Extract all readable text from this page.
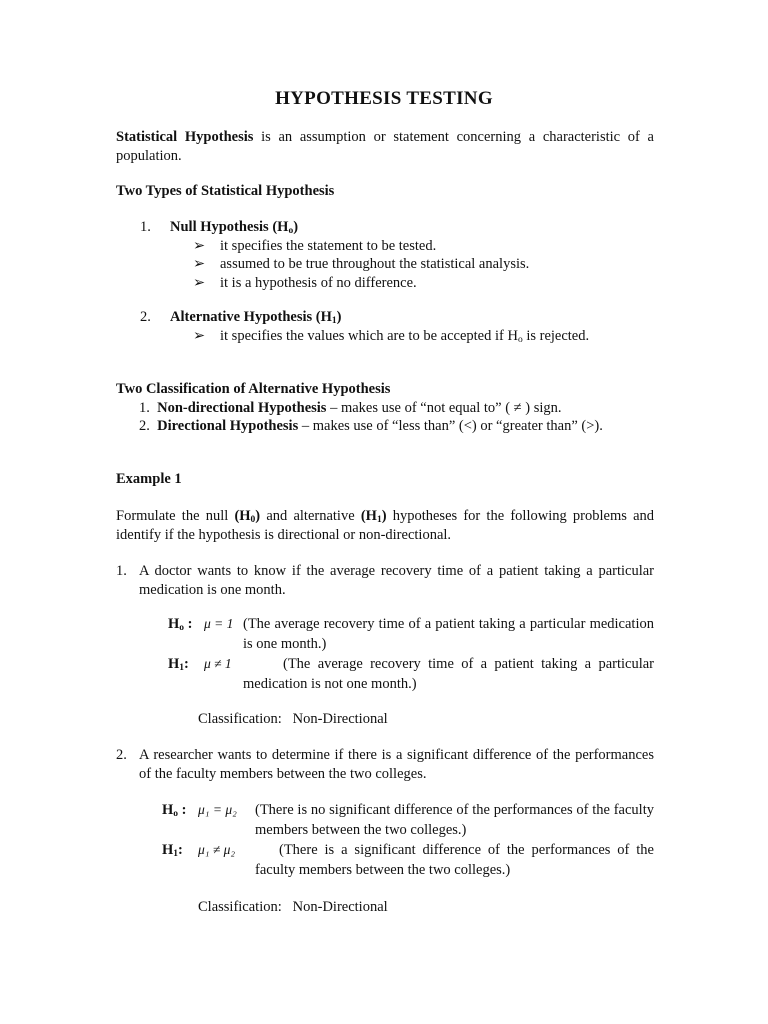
HYPOTHESIS TESTING
Statistical Hypothesis is an assumption or statement concerning a characteristic of a population.
Two Types of Statistical Hypothesis
1. Null Hypothesis $(H_o)$
➢ it specifies the statement to be tested.
➢ assumed to be true throughout the statistical analysis.
➢ it is a hypothesis of no difference.
2. Alternative Hypothesis $(H_1)$
➢ it specifies the values which are to be accepted if $H_o$ is rejected.
Two Classification of Alternative Hypothesis
1. Non-directional Hypothesis – makes use of “not equal to” ( ≠ ) sign.
2. Directional Hypothesis – makes use of “less than” (<) or “greater than” (>).
Example 1
Formulate the null $(H_0)$ and alternative $(H_1)$ hypotheses for the following problems and identify if the hypothesis is directional or non-directional.
1. A doctor wants to know if the average recovery time of a patient taking a particular medication is one month.
$H_o$ : μ = 1 (The average recovery time of a patient taking a particular medication is one month.)
$H_1$: μ ≠ 1	(The average recovery time of a patient taking a particular medication is not one month.)
Classification: Non-Directional
2. A researcher wants to determine if there is a significant difference of the performances of the faculty members between the two colleges.
$H_o$ : μ₁ = μ₂ (There is no significant difference of the performances of the faculty members between the two colleges.)
$H_1$: μ₁ ≠ μ₂	(There is a significant difference of the performances of the faculty members between the two colleges.)
Classification: Non-Directional
